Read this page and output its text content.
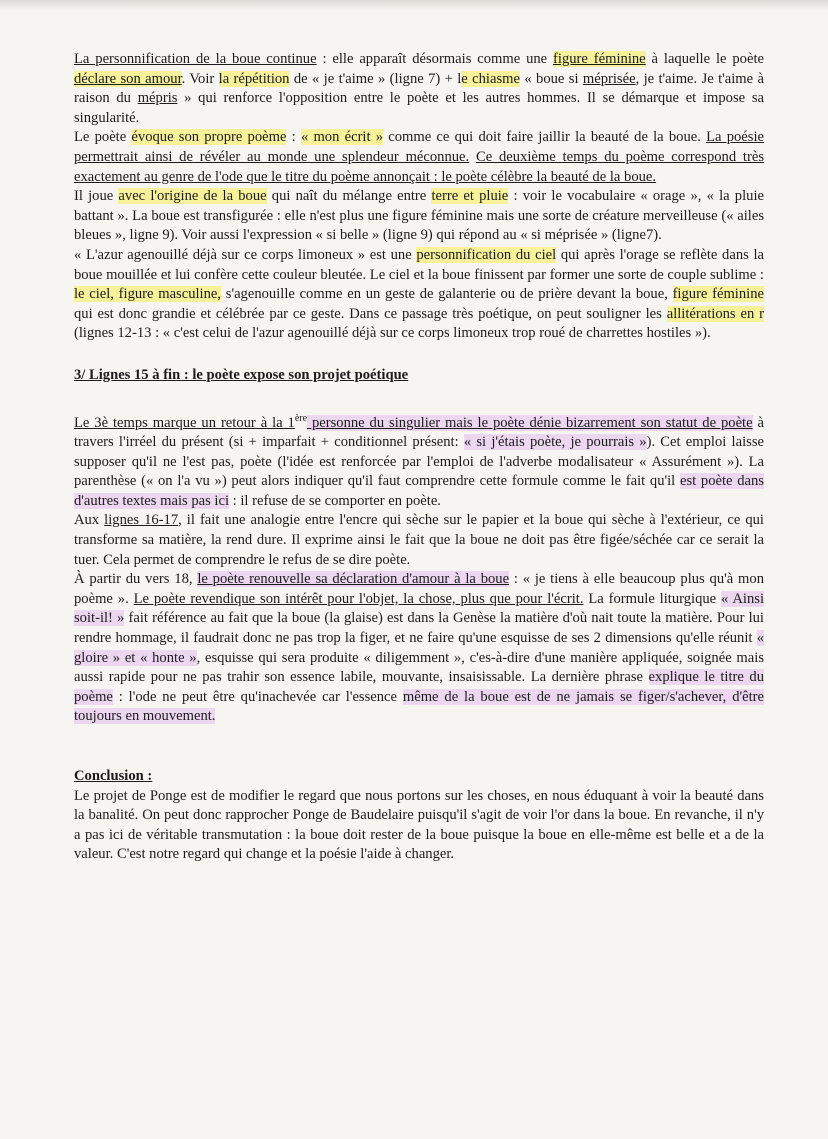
La personnification de la boue continue : elle apparaît désormais comme une figure féminine à laquelle le poète déclare son amour. Voir la répétition de « je t'aime » (ligne 7) + le chiasme « boue si méprisée, je t'aime. Je t'aime à raison du mépris » qui renforce l'opposition entre le poète et les autres hommes. Il se démarque et impose sa singularité.

Le poète évoque son propre poème : « mon écrit » comme ce qui doit faire jaillir la beauté de la boue. La poésie permettrait ainsi de révéler au monde une splendeur méconnue. Ce deuxième temps du poème correspond très exactement au genre de l'ode que le titre du poème annonçait : le poète célèbre la beauté de la boue.

Il joue avec l'origine de la boue qui naît du mélange entre terre et pluie : voir le vocabulaire « orage », « la pluie battant ». La boue est transfigurée : elle n'est plus une figure féminine mais une sorte de créature merveilleuse (« ailes bleues », ligne 9). Voir aussi l'expression « si belle » (ligne 9) qui répond au « si méprisée » (ligne7).

« L'azur agenouillé déjà sur ce corps limoneux » est une personnification du ciel qui après l'orage se reflète dans la boue mouillée et lui confère cette couleur bleutée. Le ciel et la boue finissent par former une sorte de couple sublime : le ciel, figure masculine, s'agenouille comme en un geste de galanterie ou de prière devant la boue, figure féminine qui est donc grandie et célébrée par ce geste. Dans ce passage très poétique, on peut souligner les allitérations en r (lignes 12-13 : « c'est celui de l'azur agenouillé déjà sur ce corps limoneux trop roué de charrettes hostiles »).

3/ Lignes 15 à fin : le poète expose son projet poétique

Le 3è temps marque un retour à la 1ère personne du singulier mais le poète dénie bizarrement son statut de poète à travers l'irréel du présent (si + imparfait + conditionnel présent: « si j'étais poète, je pourrais »). Cet emploi laisse supposer qu'il ne l'est pas, poète (l'idée est renforcée par l'emploi de l'adverbe modalisateur « Assurément »). La parenthèse (« on l'a vu ») peut alors indiquer qu'il faut comprendre cette formule comme le fait qu'il est poète dans d'autres textes mais pas ici : il refuse de se comporter en poète.

Aux lignes 16-17, il fait une analogie entre l'encre qui sèche sur le papier et la boue qui sèche à l'extérieur, ce qui transforme sa matière, la rend dure. Il exprime ainsi le fait que la boue ne doit pas être figée/séchée car ce serait la tuer. Cela permet de comprendre le refus de se dire poète.

À partir du vers 18, le poète renouvelle sa déclaration d'amour à la boue : « je tiens à elle beaucoup plus qu'à mon poème ». Le poète revendique son intérêt pour l'objet, la chose, plus que pour l'écrit. La formule liturgique « Ainsi soit-il! » fait référence au fait que la boue (la glaise) est dans la Genèse la matière d'où nait toute la matière. Pour lui rendre hommage, il faudrait donc ne pas trop la figer, et ne faire qu'une esquisse de ses 2 dimensions qu'elle réunit « gloire » et « honte », esquisse qui sera produite « diligemment », c'es-à-dire d'une manière appliquée, soignée mais aussi rapide pour ne pas trahir son essence labile, mouvante, insaisissable. La dernière phrase explique le titre du poème : l'ode ne peut être qu'inachevée car l'essence même de la boue est de ne jamais se figer/s'achever, d'être toujours en mouvement.

Conclusion :

Le projet de Ponge est de modifier le regard que nous portons sur les choses, en nous éduquant à voir la beauté dans la banalité. On peut donc rapprocher Ponge de Baudelaire puisqu'il s'agit de voir l'or dans la boue. En revanche, il n'y a pas ici de véritable transmutation : la boue doit rester de la boue puisque la boue en elle-même est belle et a de la valeur. C'est notre regard qui change et la poésie l'aide à changer.
